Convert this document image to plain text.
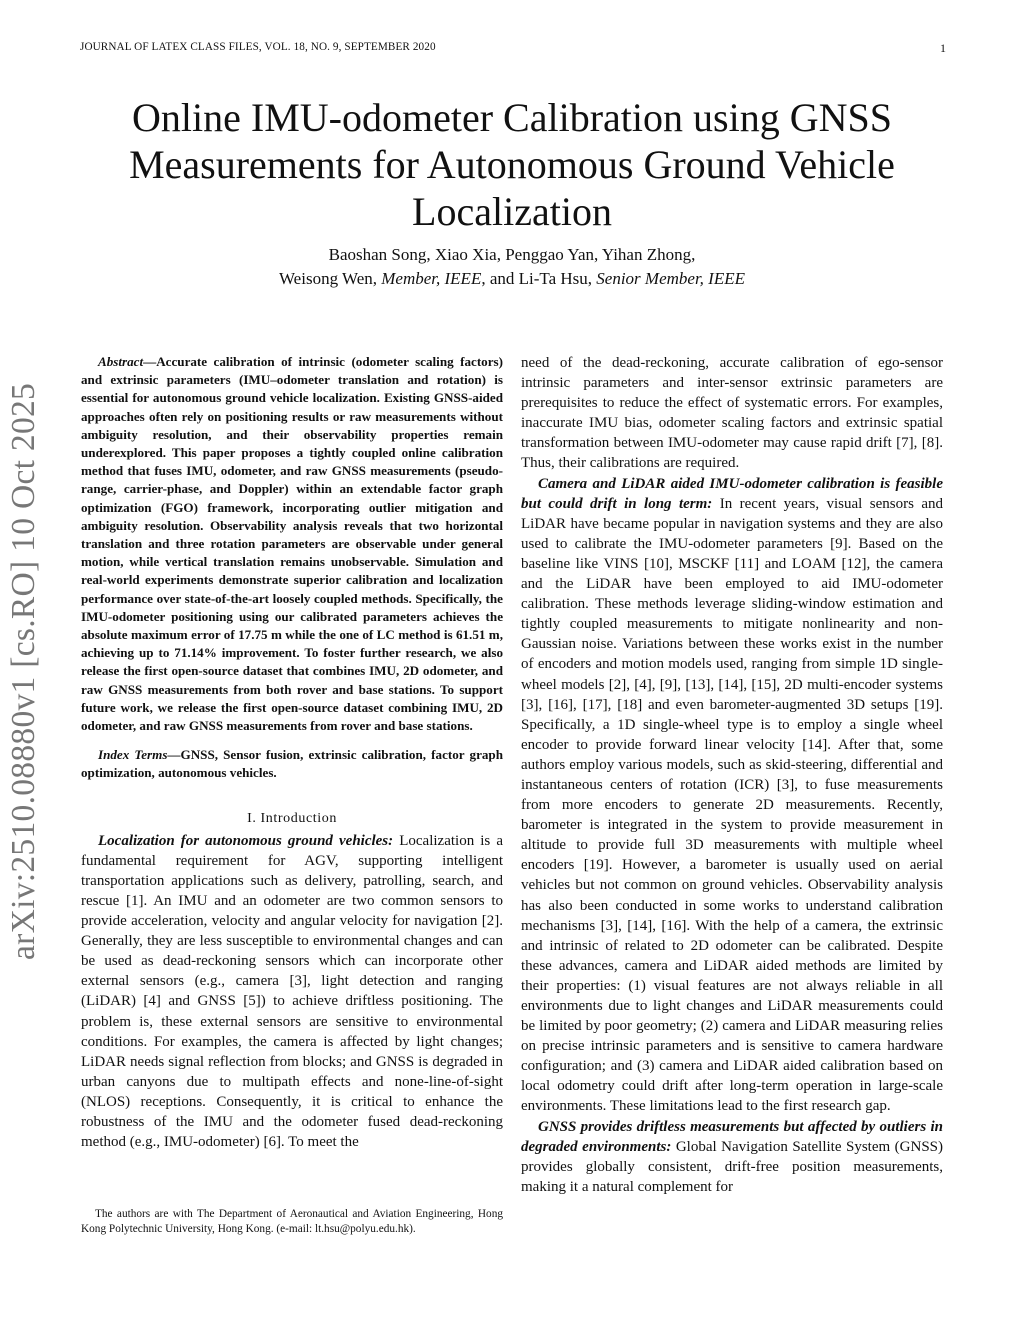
JOURNAL OF LATEX CLASS FILES, VOL. 18, NO. 9, SEPTEMBER 2020	1
Online IMU-odometer Calibration using GNSS Measurements for Autonomous Ground Vehicle Localization
Baoshan Song, Xiao Xia, Penggao Yan, Yihan Zhong,
Weisong Wen, Member, IEEE, and Li-Ta Hsu, Senior Member, IEEE
arXiv:2510.08880v1 [cs.RO] 10 Oct 2025

Abstract—Accurate calibration of intrinsic (odometer scaling factors) and extrinsic parameters (IMU–odometer translation and rotation) is essential for autonomous ground vehicle localization. Existing GNSS-aided approaches often rely on positioning results or raw measurements without ambiguity resolution, and their observability properties remain underexplored. This paper proposes a tightly coupled online calibration method that fuses IMU, odometer, and raw GNSS measurements (pseudo-range, carrier-phase, and Doppler) within an extendable factor graph optimization (FGO) framework, incorporating outlier mitigation and ambiguity resolution. Observability analysis reveals that two horizontal translation and three rotation parameters are observable under general motion, while vertical translation remains unobservable. Simulation and real-world experiments demonstrate superior calibration and localization performance over state-of-the-art loosely coupled methods. Specifically, the IMU-odometer positioning using our calibrated parameters achieves the absolute maximum error of 17.75 m while the one of LC method is 61.51 m, achieving up to 71.14% improvement. To foster further research, we also release the first open-source dataset that combines IMU, 2D odometer, and raw GNSS measurements from both rover and base stations. To support future work, we release the first open-source dataset combining IMU, 2D odometer, and raw GNSS measurements from rover and base stations.

Index Terms—GNSS, Sensor fusion, extrinsic calibration, factor graph optimization, autonomous vehicles.

I. Introduction

Localization for autonomous ground vehicles: Localization is a fundamental requirement for AGV, supporting intelligent transportation applications such as delivery, patrolling, search, and rescue [1]. An IMU and an odometer are two common sensors to provide acceleration, velocity and angular velocity for navigation [2]. Generally, they are less susceptible to environmental changes and can be used as dead-reckoning sensors which can incorporate other external sensors (e.g., camera [3], light detection and ranging (LiDAR) [4] and GNSS [5]) to achieve driftless positioning. The problem is, these external sensors are sensitive to environmental conditions. For examples, the camera is affected by light changes; LiDAR needs signal reflection from blocks; and GNSS is degraded in urban canyons due to multipath effects and none-line-of-sight (NLOS) receptions. Consequently, it is critical to enhance the robustness of the IMU and the odometer fused dead-reckoning method (e.g., IMU-odometer) [6]. To meet the

The authors are with The Department of Aeronautical and Aviation Engineering, Hong Kong Polytechnic University, Hong Kong. (e-mail: lt.hsu@polyu.edu.hk).

need of the dead-reckoning, accurate calibration of ego-sensor intrinsic parameters and inter-sensor extrinsic parameters are prerequisites to reduce the effect of systematic errors. For examples, inaccurate IMU bias, odometer scaling factors and extrinsic spatial transformation between IMU-odometer may cause rapid drift [7], [8]. Thus, their calibrations are required.

Camera and LiDAR aided IMU-odometer calibration is feasible but could drift in long term: In recent years, visual sensors and LiDAR have became popular in navigation systems and they are also used to calibrate the IMU-odometer parameters [9]. Based on the baseline like VINS [10], MSCKF [11] and LOAM [12], the camera and the LiDAR have been employed to aid IMU-odometer calibration. These methods leverage sliding-window estimation and tightly coupled measurements to mitigate nonlinearity and non-Gaussian noise. Variations between these works exist in the number of encoders and motion models used, ranging from simple 1D single-wheel models [2], [4], [9], [13], [14], [15], 2D multi-encoder systems [3], [16], [17], [18] and even barometer-augmented 3D setups [19]. Specifically, a 1D single-wheel type is to employ a single wheel encoder to provide forward linear velocity [14]. After that, some authors employ various models, such as skid-steering, differential and instantaneous centers of rotation (ICR) [3], to fuse measurements from more encoders to generate 2D measurements. Recently, barometer is integrated in the system to provide measurement in altitude to provide full 3D measurements with multiple wheel encoders [19]. However, a barometer is usually used on aerial vehicles but not common on ground vehicles. Observability analysis has also been conducted in some works to understand calibration mechanisms [3], [14], [16]. With the help of a camera, the extrinsic and intrinsic of related to 2D odometer can be calibrated. Despite these advances, camera and LiDAR aided methods are limited by their properties: (1) visual features are not always reliable in all environments due to light changes and LiDAR measurements could be limited by poor geometry; (2) camera and LiDAR measuring relies on precise intrinsic parameters and is sensitive to camera hardware configuration; and (3) camera and LiDAR aided calibration based on local odometry could drift after long-term operation in large-scale environments. These limitations lead to the first research gap.

GNSS provides driftless measurements but affected by outliers in degraded environments: Global Navigation Satellite System (GNSS) provides globally consistent, drift-free position measurements, making it a natural complement for
